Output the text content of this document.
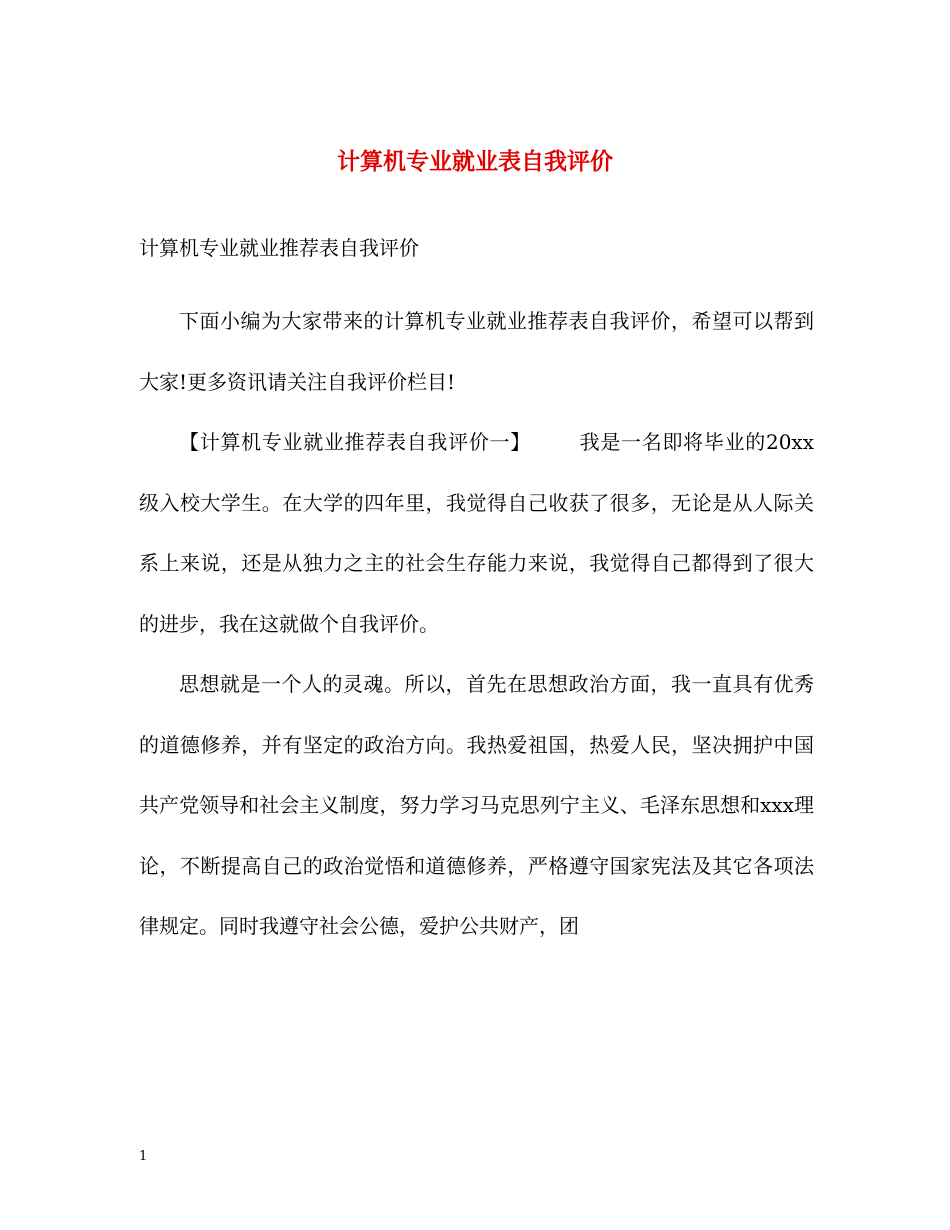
计算机专业就业表自我评价
计算机专业就业推荐表自我评价

下面小编为大家带来的计算机专业就业推荐表自我评价，希望可以帮到大家!更多资讯请关注自我评价栏目!

【计算机专业就业推荐表自我评价一】 我是一名即将毕业的20xx级入校大学生。在大学的四年里，我觉得自己收获了很多，无论是从人际关系上来说，还是从独力之主的社会生存能力来说，我觉得自己都得到了很大的进步，我在这就做个自我评价。

思想就是一个人的灵魂。所以，首先在思想政治方面，我一直具有优秀的道德修养，并有坚定的政治方向。我热爱祖国，热爱人民，坚决拥护中国共产党领导和社会主义制度，努力学习马克思列宁主义、毛泽东思想和xxx理论，不断提高自己的政治觉悟和道德修养，严格遵守国家宪法及其它各项法律规定。同时我遵守社会公德，爱护公共财产，团

1
